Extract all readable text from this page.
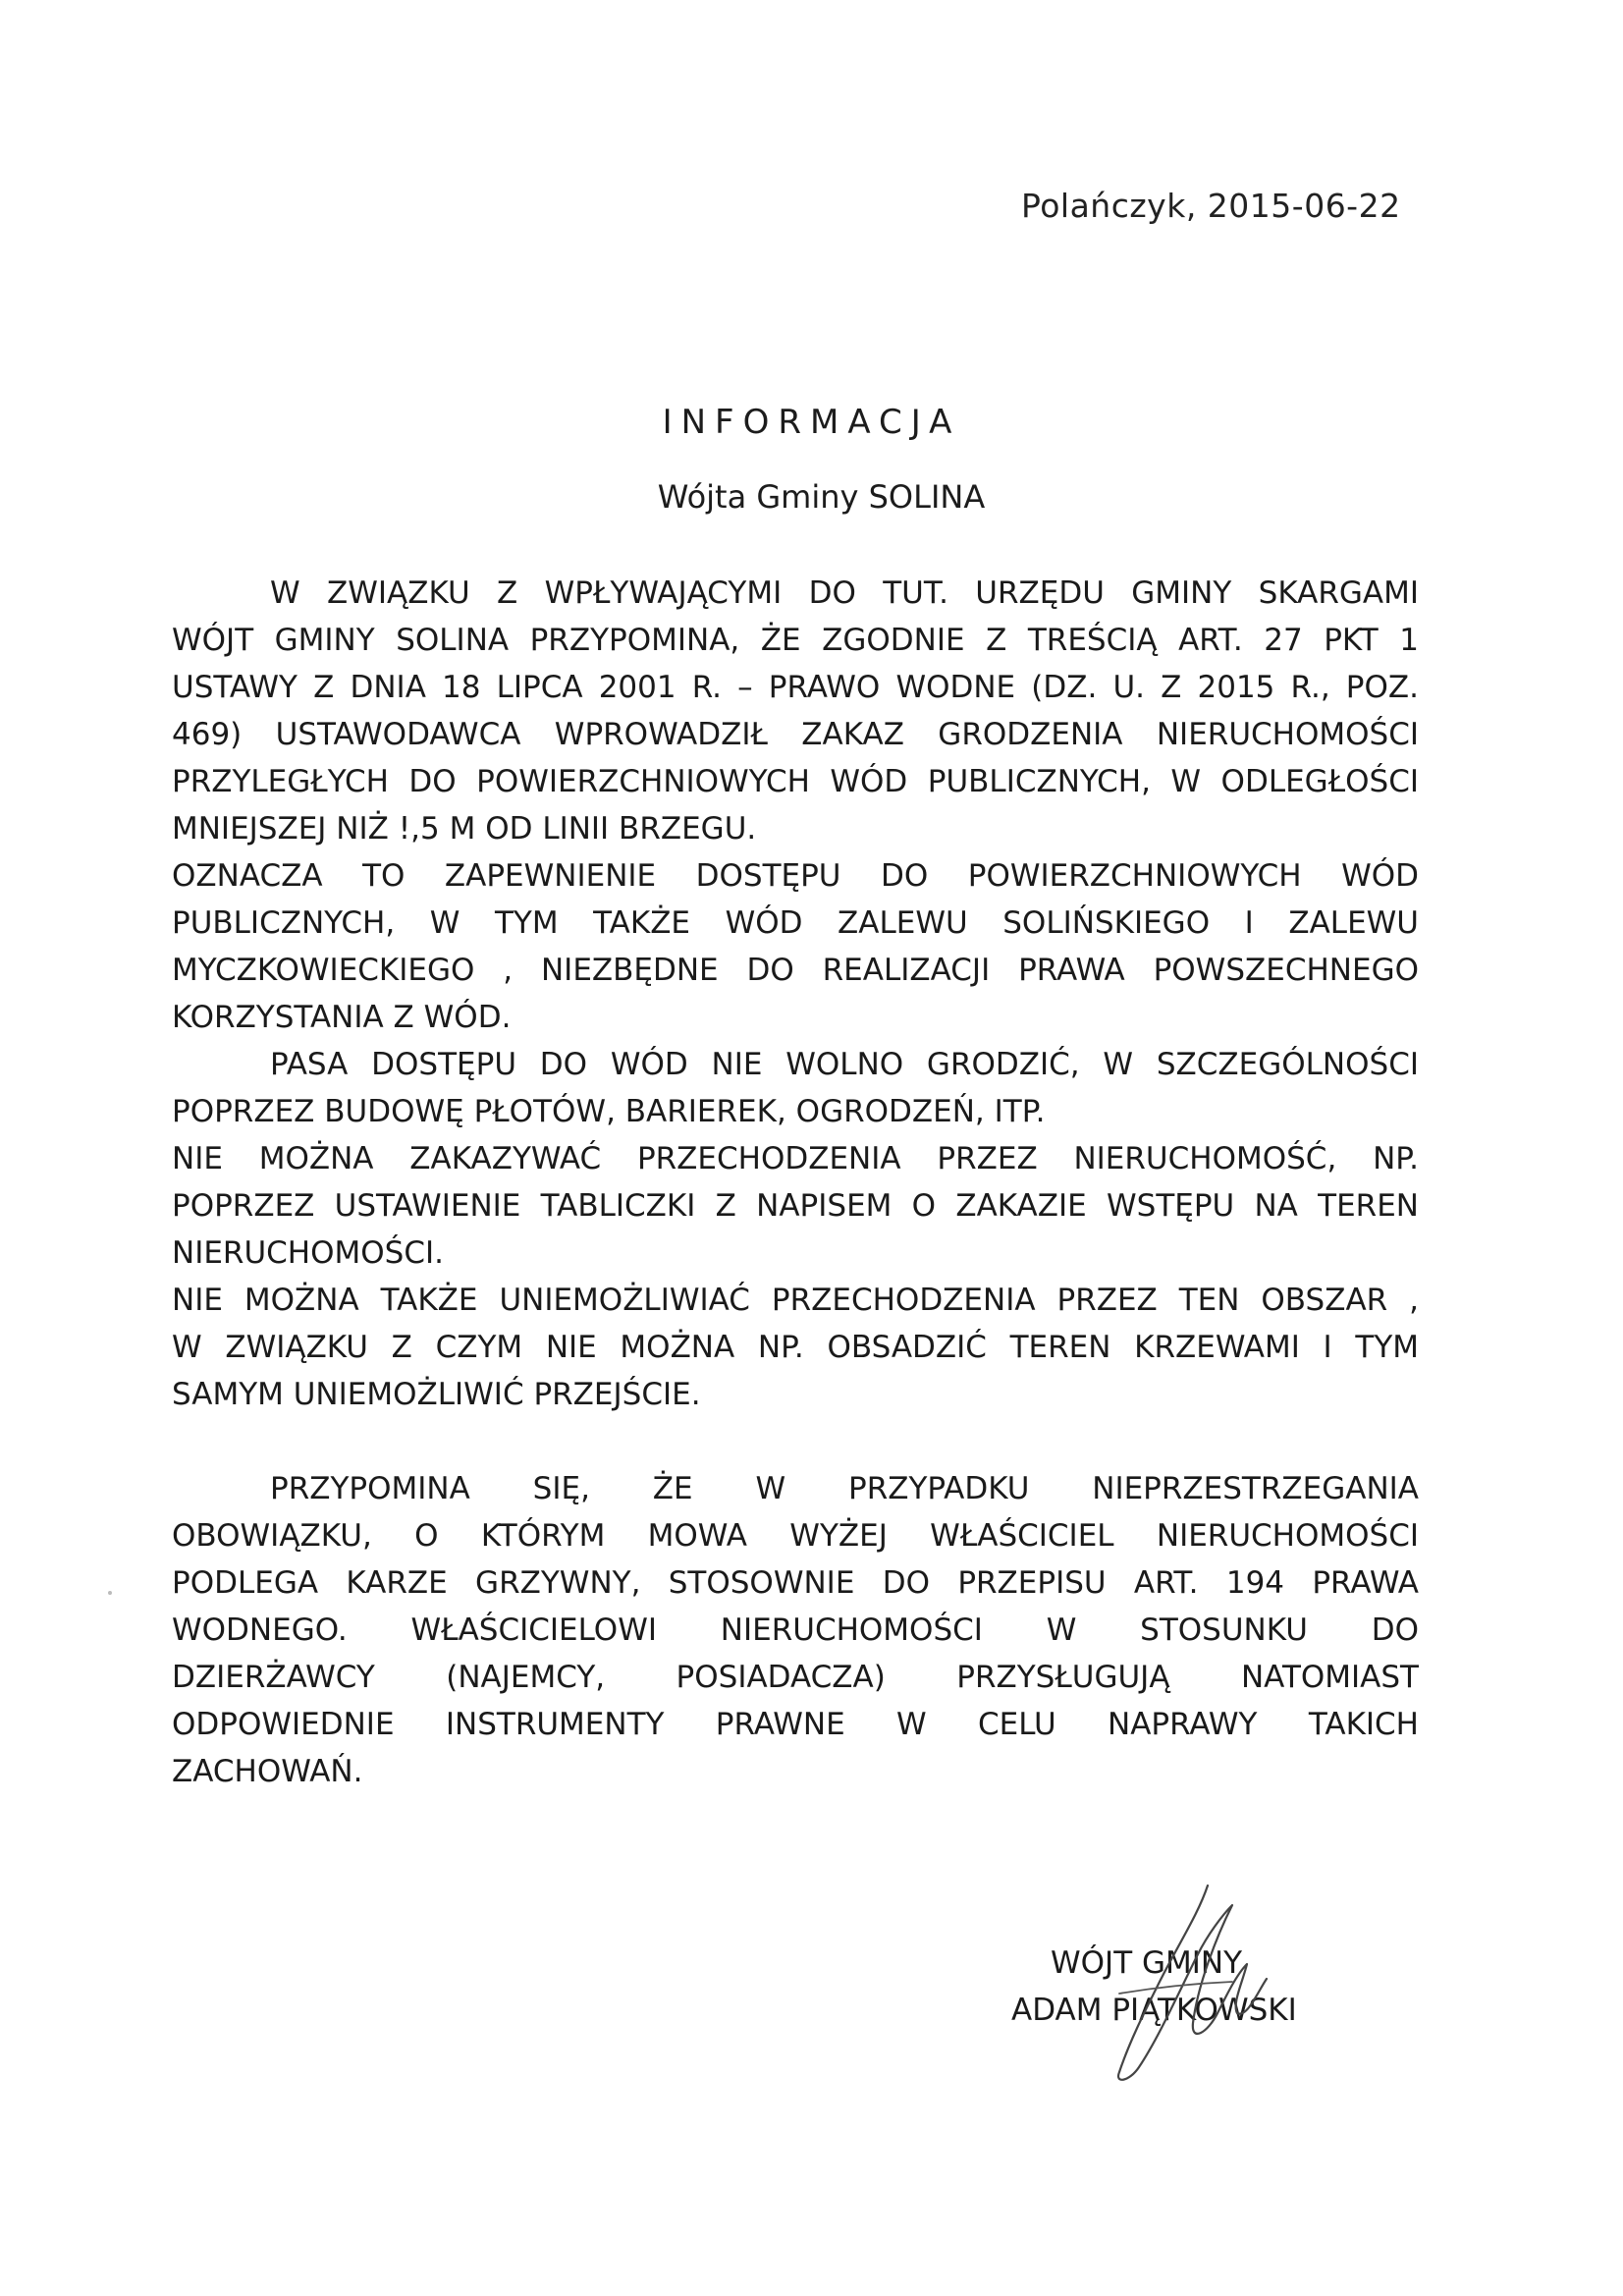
Polańczyk, 2015-06-22
INFORMACJA
Wójta Gminy SOLINA
W ZWIĄZKU Z WPŁYWAJĄCYMI DO TUT. URZĘDU GMINY SKARGAMI
WÓJT GMINY SOLINA PRZYPOMINA, ŻE ZGODNIE Z TREŚCIĄ ART. 27 PKT 1
USTAWY Z DNIA 18 LIPCA 2001 R. – PRAWO WODNE (DZ. U. Z 2015 R., POZ.
469) USTAWODAWCA WPROWADZIŁ ZAKAZ GRODZENIA NIERUCHOMOŚCI
PRZYLEGŁYCH DO POWIERZCHNIOWYCH WÓD PUBLICZNYCH, W ODLEGŁOŚCI
MNIEJSZEJ NIŻ !,5 M OD LINII BRZEGU.
OZNACZA TO ZAPEWNIENIE DOSTĘPU DO POWIERZCHNIOWYCH WÓD
PUBLICZNYCH, W TYM TAKŻE WÓD ZALEWU SOLIŃSKIEGO I ZALEWU
MYCZKOWIECKIEGO , NIEZBĘDNE DO REALIZACJI PRAWA POWSZECHNEGO
KORZYSTANIA Z WÓD.
PASA DOSTĘPU DO WÓD NIE WOLNO GRODZIĆ, W SZCZEGÓLNOŚCI
POPRZEZ BUDOWĘ PŁOTÓW, BARIEREK, OGRODZEŃ, ITP.
NIE MOŻNA ZAKAZYWAĆ PRZECHODZENIA PRZEZ NIERUCHOMOŚĆ, NP.
POPRZEZ USTAWIENIE TABLICZKI Z NAPISEM O ZAKAZIE WSTĘPU NA TEREN
NIERUCHOMOŚCI.
NIE MOŻNA TAKŻE UNIEMOŻLIWIAĆ PRZECHODZENIA PRZEZ TEN OBSZAR ,
W ZWIĄZKU Z CZYM NIE MOŻNA NP. OBSADZIĆ TEREN KRZEWAMI I TYM
SAMYM UNIEMOŻLIWIĆ PRZEJŚCIE.
PRZYPOMINA SIĘ, ŻE W PRZYPADKU NIEPRZESTRZEGANIA
OBOWIĄZKU, O KTÓRYM MOWA WYŻEJ WŁAŚCICIEL NIERUCHOMOŚCI
PODLEGA KARZE GRZYWNY, STOSOWNIE DO PRZEPISU ART. 194 PRAWA
WODNEGO. WŁAŚCICIELOWI NIERUCHOMOŚCI W STOSUNKU DO
DZIERŻAWCY (NAJEMCY, POSIADACZA) PRZYSŁUGUJĄ NATOMIAST
ODPOWIEDNIE INSTRUMENTY PRAWNE W CELU NAPRAWY TAKICH
ZACHOWAŃ.
WÓJT GMINY
ADAM PIĄTKOWSKI
